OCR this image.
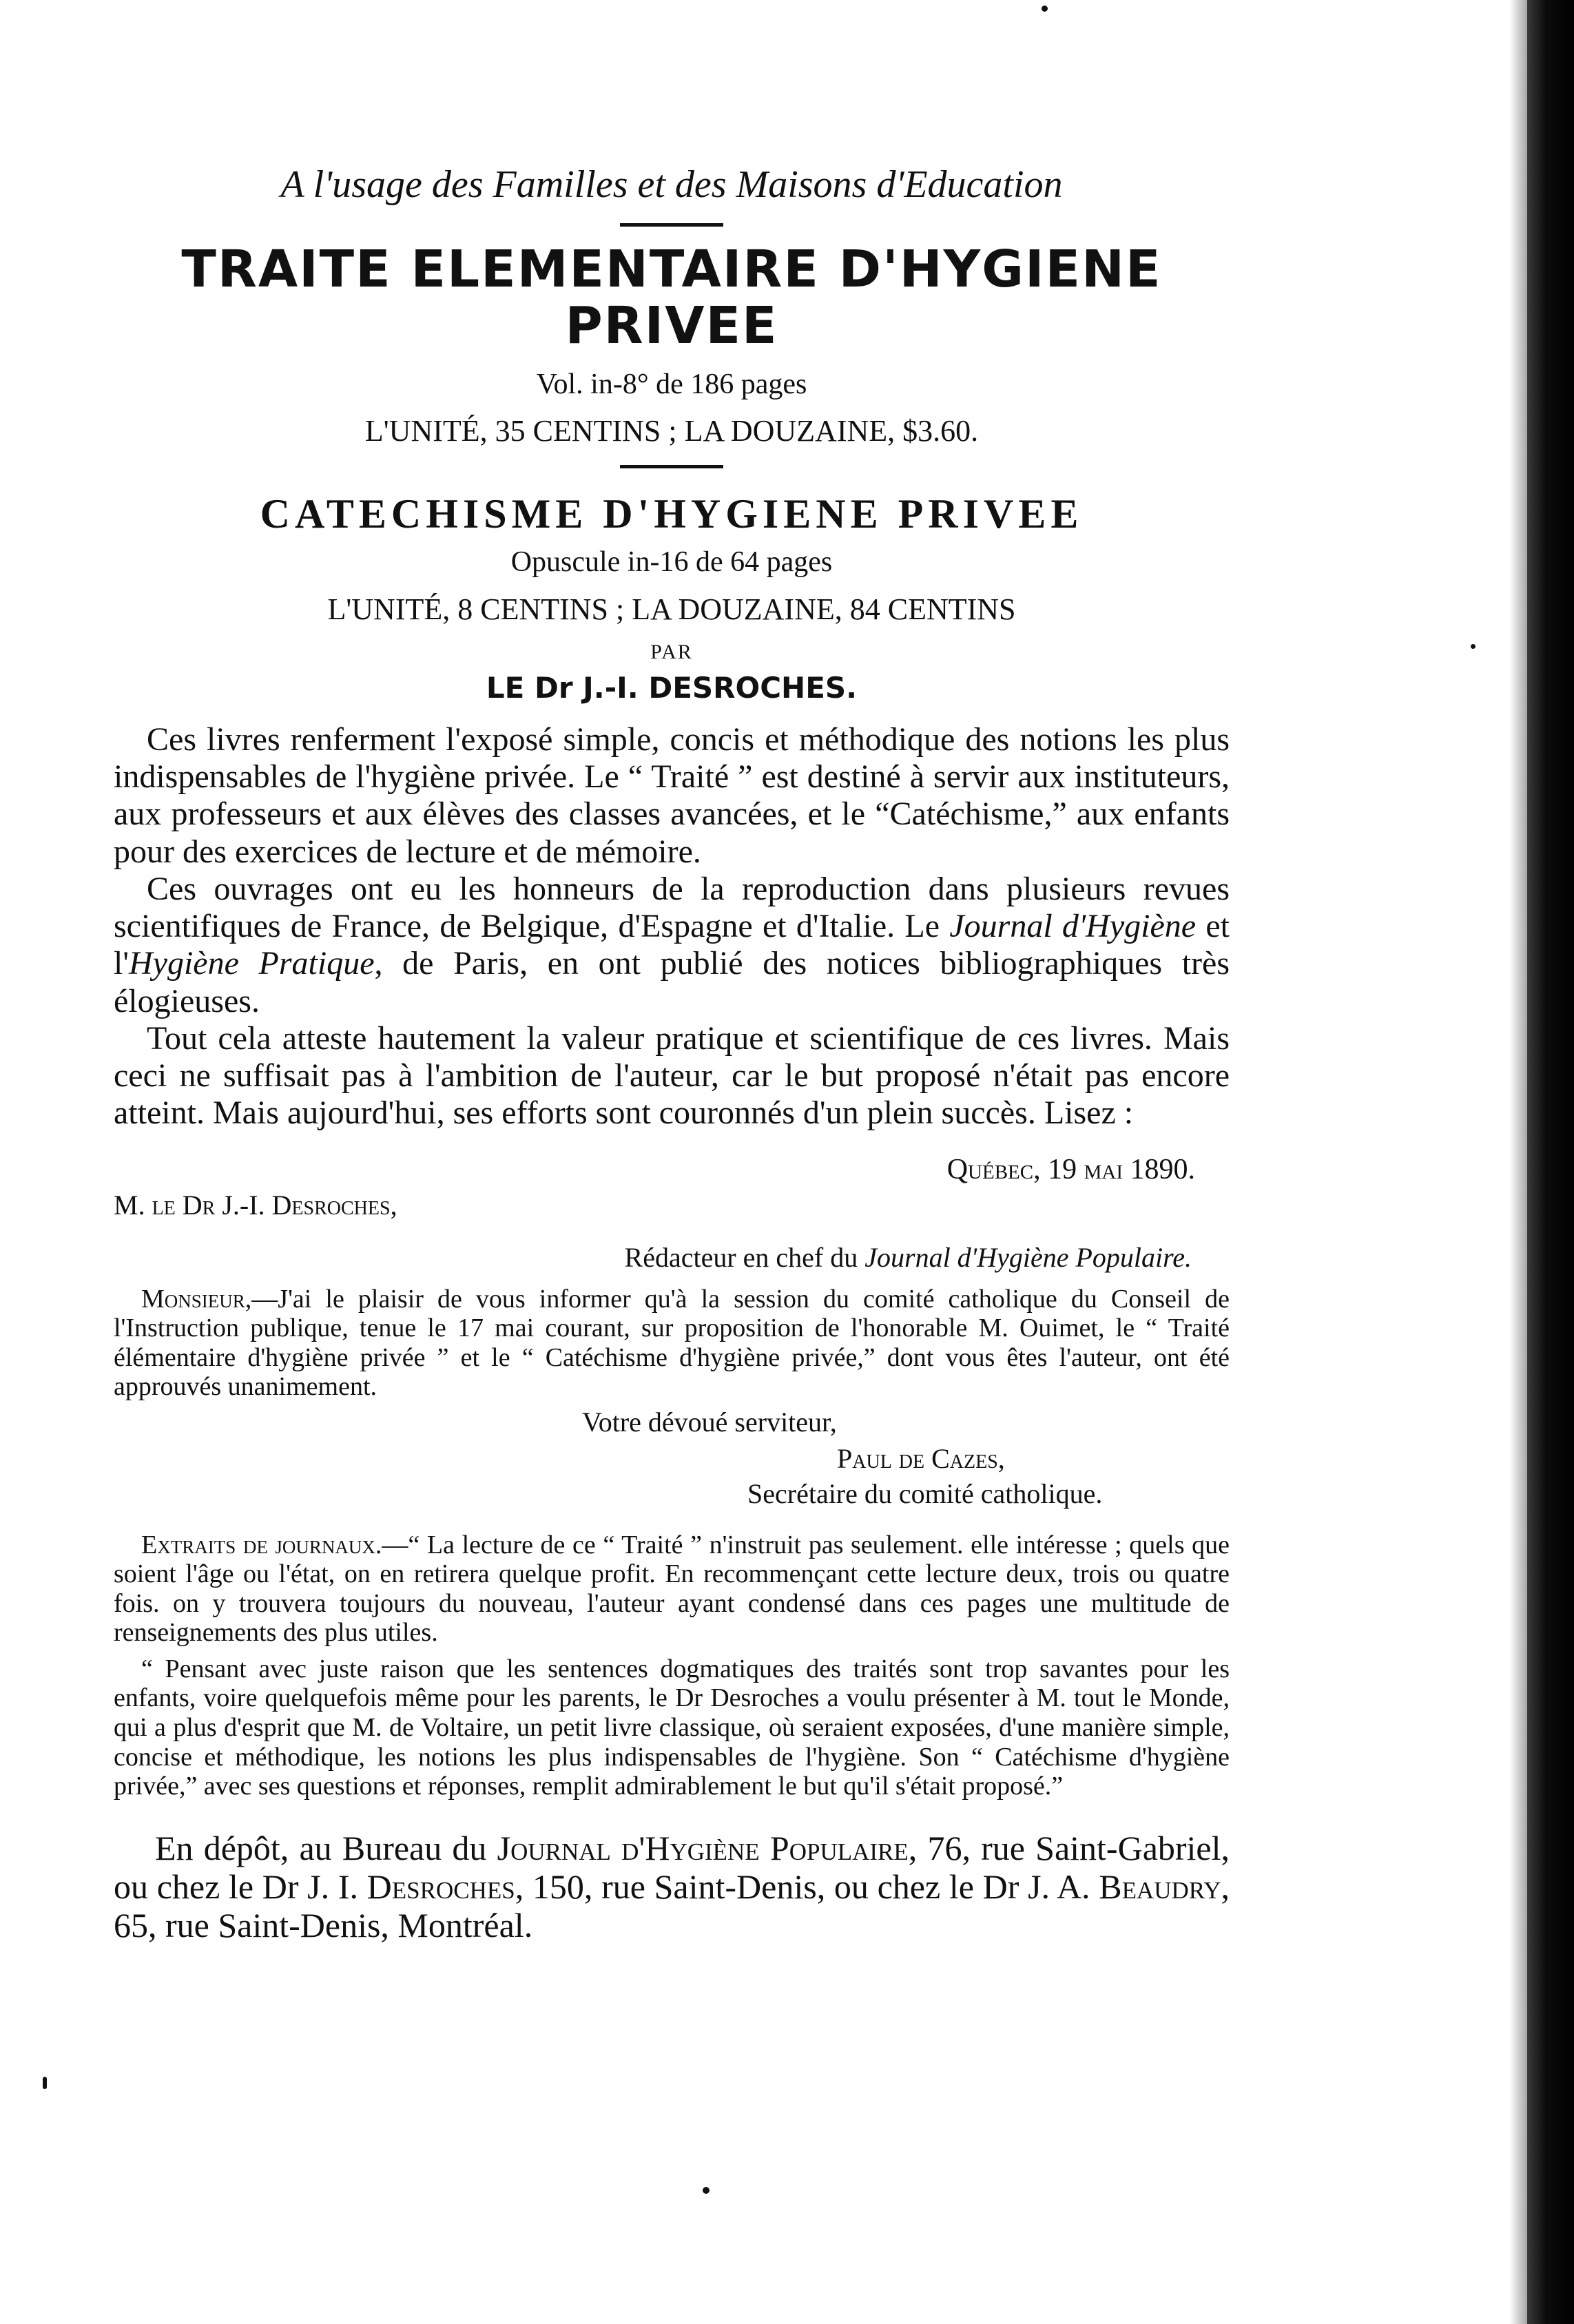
A l'usage des Familles et des Maisons d'Education

TRAITE ELEMENTAIRE D'HYGIENE PRIVEE

Vol. in-8° de 186 pages

L'UNITÉ, 35 CENTINS ; LA DOUZAINE, $3.60.

CATECHISME D'HYGIENE PRIVEE

Opuscule in-16 de 64 pages

L'UNITÉ, 8 CENTINS ; LA DOUZAINE, 84 CENTINS

PAR

LE Dr J.-I. DESROCHES.

Ces livres renferment l'exposé simple, concis et méthodique des notions les plus indispensables de l'hygiène privée. Le “ Traité ” est destiné à servir aux instituteurs, aux professeurs et aux élèves des classes avancées, et le “Catéchisme,” aux enfants pour des exercices de lecture et de mémoire.

Ces ouvrages ont eu les honneurs de la reproduction dans plusieurs revues scientifiques de France, de Belgique, d'Espagne et d'Italie. Le Journal d'Hygiène et l'Hygiène Pratique, de Paris, en ont publié des notices bibliographiques très élogieuses.

Tout cela atteste hautement la valeur pratique et scientifique de ces livres. Mais ceci ne suffisait pas à l'ambition de l'auteur, car le but proposé n'était pas encore atteint. Mais aujourd'hui, ses efforts sont couronnés d'un plein succès. Lisez :

Québec, 19 mai 1890.
M. le Dr J.-I. Desroches,

Rédacteur en chef du Journal d'Hygiène Populaire.

Monsieur,—J'ai le plaisir de vous informer qu'à la session du comité catholique du Conseil de l'Instruction publique, tenue le 17 mai courant, sur proposition de l'honorable M. Ouimet, le “ Traité élémentaire d'hygiène privée ” et le “ Catéchisme d'hygiène privée,” dont vous êtes l'auteur, ont été approuvés unanimement.

Votre dévoué serviteur,

Paul de Cazes,

Secrétaire du comité catholique.

Extraits de journaux.—“ La lecture de ce “ Traité ” n'instruit pas seulement. elle intéresse ; quels que soient l'âge ou l'état, on en retirera quelque profit. En recommençant cette lecture deux, trois ou quatre fois. on y trouvera toujours du nouveau, l'auteur ayant condensé dans ces pages une multitude de renseignements des plus utiles.

“ Pensant avec juste raison que les sentences dogmatiques des traités sont trop savantes pour les enfants, voire quelquefois même pour les parents, le Dr Desroches a voulu présenter à M. tout le Monde, qui a plus d'esprit que M. de Voltaire, un petit livre classique, où seraient exposées, d'une manière simple, concise et méthodique, les notions les plus indispensables de l'hygiène. Son “ Catéchisme d'hygiène privée,” avec ses questions et réponses, remplit admirablement le but qu'il s'était proposé.”

En dépôt, au Bureau du Journal d'Hygiène Populaire, 76, rue Saint-Gabriel, ou chez le Dr J. I. Desroches, 150, rue Saint-Denis, ou chez le Dr J. A. Beaudry, 65, rue Saint-Denis, Montréal.
